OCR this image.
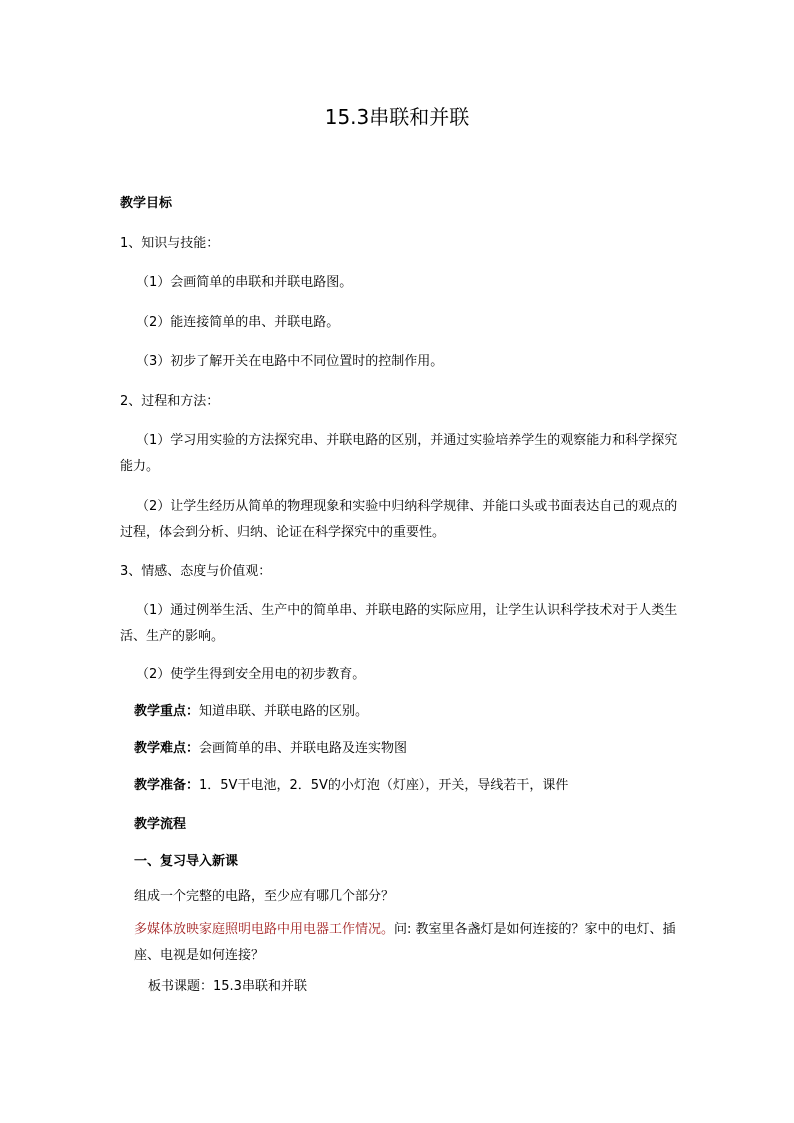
15.3串联和并联

教学目标

1、知识与技能：

（1）会画简单的串联和并联电路图。

（2）能连接简单的串、并联电路。

（3）初步了解开关在电路中不同位置时的控制作用。

2、过程和方法：

（1）学习用实验的方法探究串、并联电路的区别，并通过实验培养学生的观察能力和科学探究能力。

（2）让学生经历从简单的物理现象和实验中归纳科学规律、并能口头或书面表达自己的观点的过程，体会到分析、归纳、论证在科学探究中的重要性。

3、情感、态度与价值观：

（1）通过例举生活、生产中的简单串、并联电路的实际应用，让学生认识科学技术对于人类生活、生产的影响。

（2）使学生得到安全用电的初步教育。

教学重点：知道串联、并联电路的区别。

教学难点：会画简单的串、并联电路及连实物图

教学准备：1．5V干电池，2．5V的小灯泡（灯座），开关，导线若干，课件

教学流程

一、复习导入新课

组成一个完整的电路，至少应有哪几个部分？

多媒体放映家庭照明电路中用电器工作情况。问: 教室里各盏灯是如何连接的？家中的电灯、插座、电视是如何连接？

板书课题：15.3串联和并联
